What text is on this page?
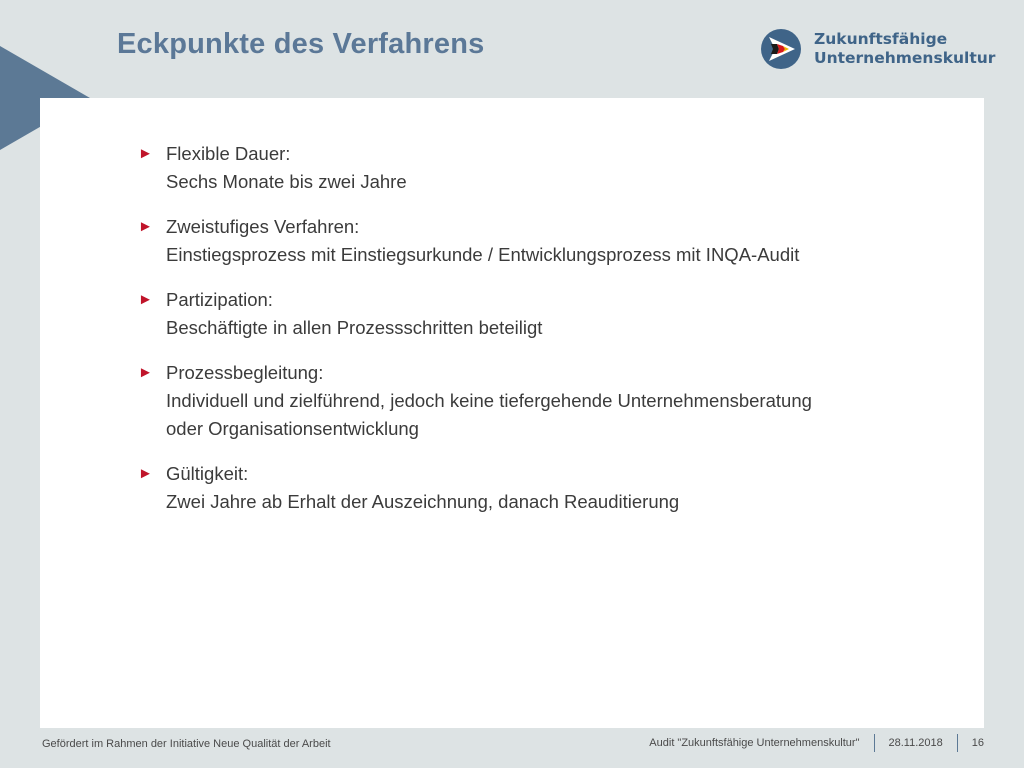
Eckpunkte des Verfahrens	Zukunftsfähige
Unternehmenskultur
► Flexible Dauer:
Sechs Monate bis zwei Jahre
► Zweistufiges Verfahren:
Einstiegsprozess mit Einstiegsurkunde / Entwicklungsprozess mit INQA-Audit
► Partizipation:
Beschäftigte in allen Prozessschritten beteiligt
► Prozessbegleitung:
Individuell und zielführend, jedoch keine tiefergehende Unternehmensberatung
oder Organisationsentwicklung
► Gültigkeit:
Zwei Jahre ab Erhalt der Auszeichnung, danach Reauditierung
Gefördert im Rahmen der Initiative Neue Qualität der Arbeit	Audit "Zukunftsfähige Unternehmenskultur"	28.11.2018	16
